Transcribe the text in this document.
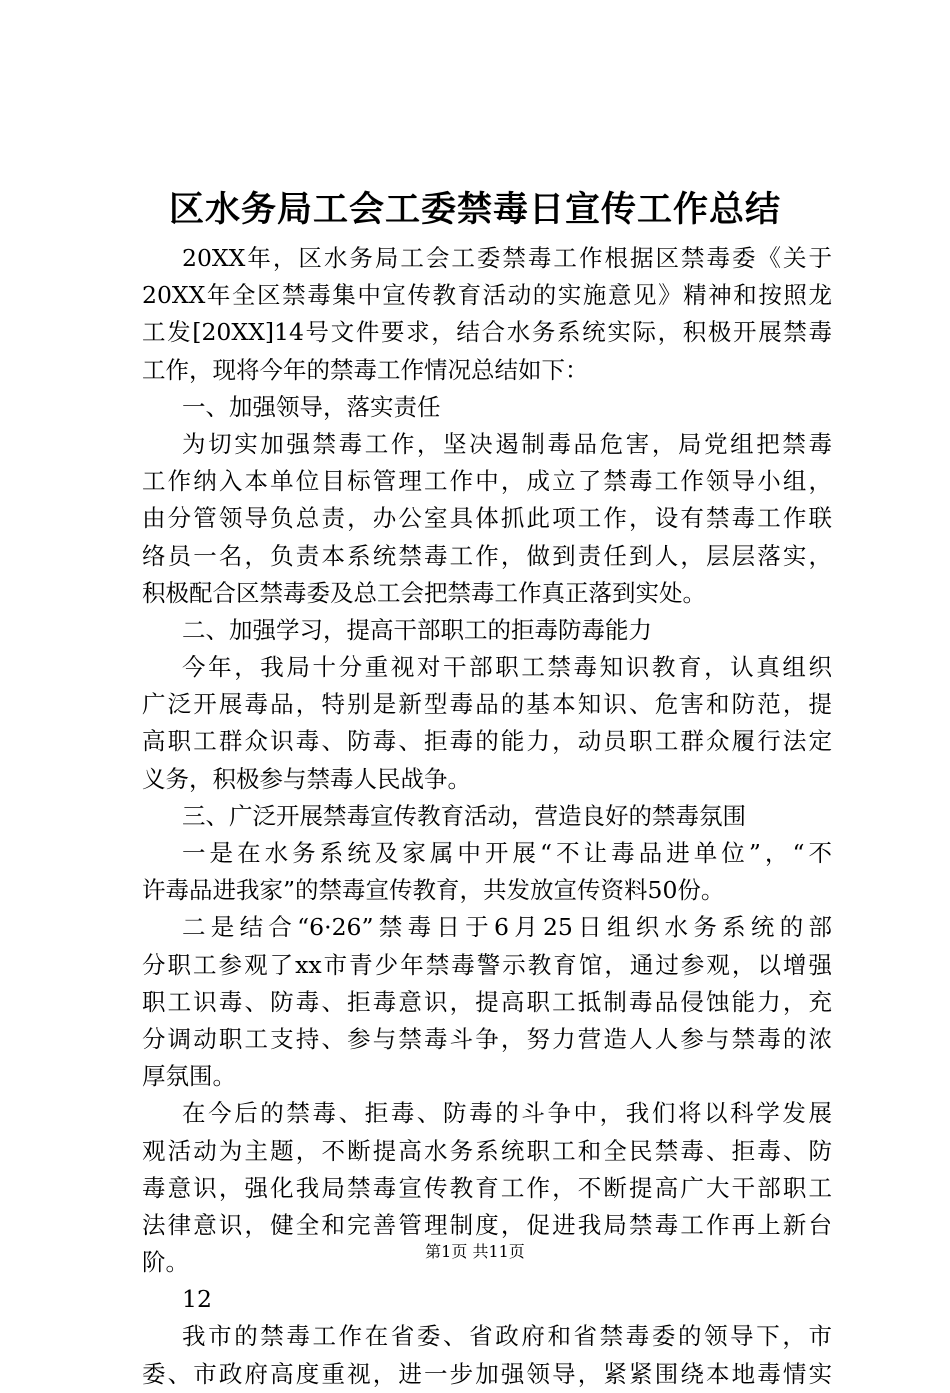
区水务局工会工委禁毒日宣传工作总结
20XX年，区水务局工会工委禁毒工作根据区禁毒委《关于
20XX年全区禁毒集中宣传教育活动的实施意见》精神和按照龙
工发[20XX]14号文件要求，结合水务系统实际，积极开展禁毒
工作，现将今年的禁毒工作情况总结如下：
一、加强领导，落实责任
为切实加强禁毒工作，坚决遏制毒品危害，局党组把禁毒
工作纳入本单位目标管理工作中，成立了禁毒工作领导小组，
由分管领导负总责，办公室具体抓此项工作，设有禁毒工作联
络员一名，负责本系统禁毒工作，做到责任到人，层层落实，
积极配合区禁毒委及总工会把禁毒工作真正落到实处。
二、加强学习，提高干部职工的拒毒防毒能力
今年，我局十分重视对干部职工禁毒知识教育，认真组织
广泛开展毒品，特别是新型毒品的基本知识、危害和防范，提
高职工群众识毒、防毒、拒毒的能力，动员职工群众履行法定
义务，积极参与禁毒人民战争。
三、广泛开展禁毒宣传教育活动，营造良好的禁毒氛围
一是在水务系统及家属中开展“不让毒品进单位”，“不
许毒品进我家”的禁毒宣传教育，共发放宣传资料50份。
二是结合“6·26”禁毒日于6月25日组织水务系统的部
分职工参观了xx市青少年禁毒警示教育馆，通过参观，以增强
职工识毒、防毒、拒毒意识，提高职工抵制毒品侵蚀能力，充
分调动职工支持、参与禁毒斗争，努力营造人人参与禁毒的浓
厚氛围。
在今后的禁毒、拒毒、防毒的斗争中，我们将以科学发展
观活动为主题，不断提高水务系统职工和全民禁毒、拒毒、防
毒意识，强化我局禁毒宣传教育工作，不断提高广大干部职工
法律意识，健全和完善管理制度，促进我局禁毒工作再上新台
阶。
12
我市的禁毒工作在省委、省政府和省禁毒委的领导下，市
委、市政府高度重视，进一步加强领导，紧紧围绕本地毒情实
第1页 共11页
